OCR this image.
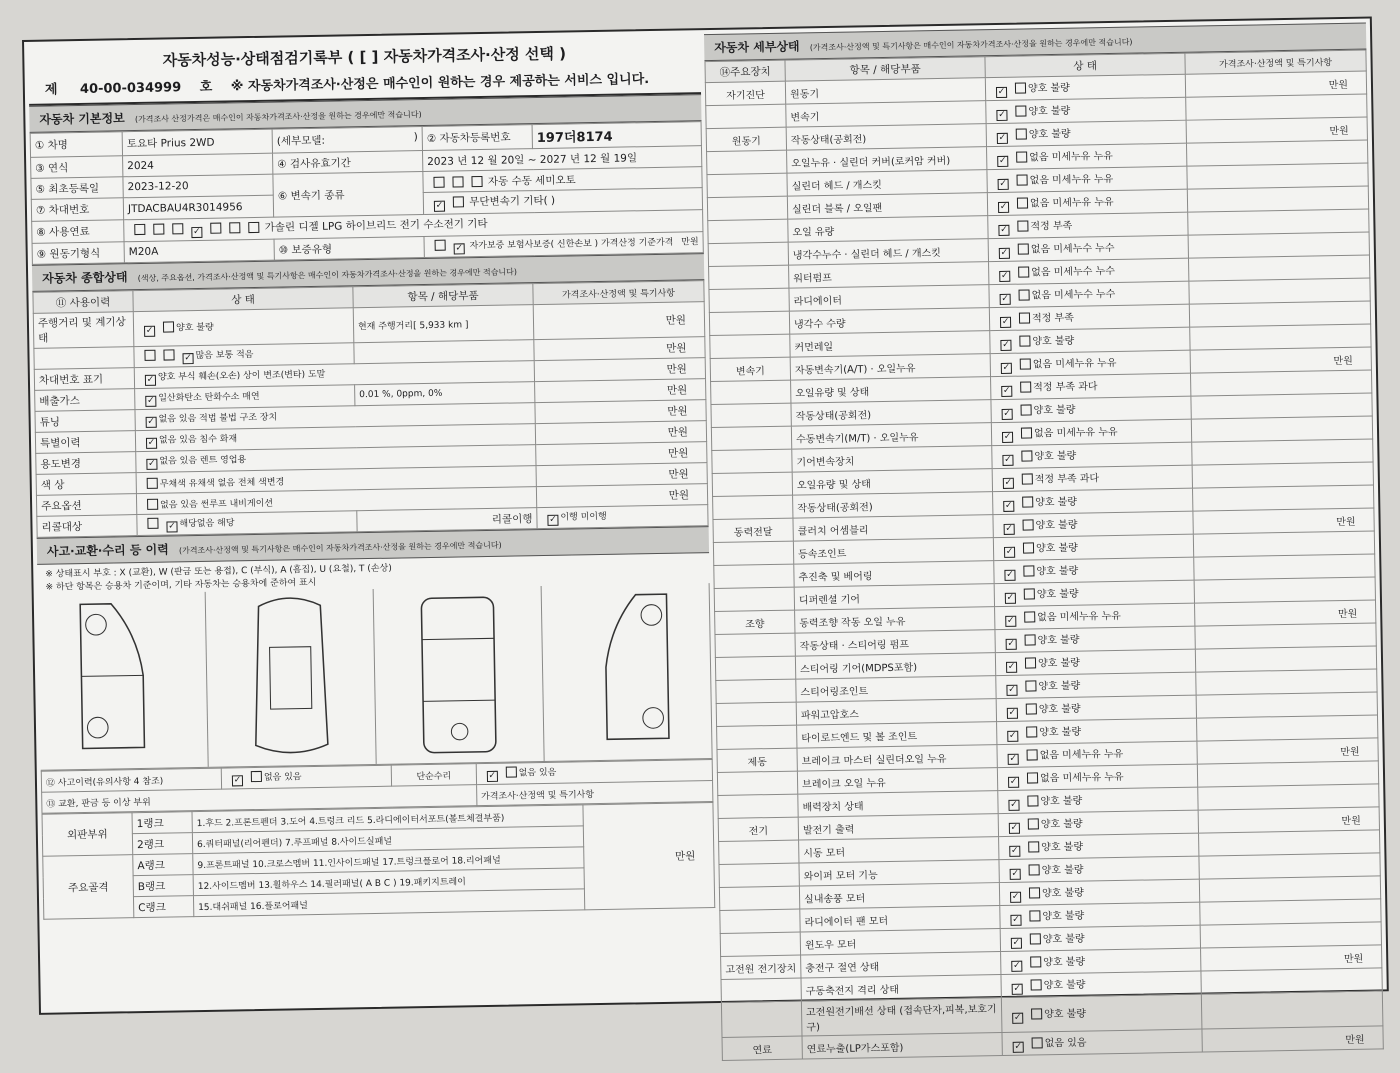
자동차성능·상태점검기록부 ( [ ] 자동차가격조사·산정 선택 )
제 40-00-034999 호 ※ 자동차가격조사·산정은 매수인이 원하는 경우 제공하는 서비스 입니다.
자동차 기본정보 (가격조사 산정가격은 매수인이 자동차가격조사·산정을 원하는 경우에만 적습니다)
① 차명	토요타 Prius 2WD	(세부모델: )	② 자동차등록번호	197더8174
③ 연식	2024	④ 검사유효기간	2023 년 12 월 20일 ~ 2027 년 12 월 19일	
⑤ 최초등록일	2023-12-20	⑥ 변속기 종류	자동 수동 세미오토	
⑦ 차대번호	JTDACBAU4R3014956	✓무단변속기 기타( )
⑧ 사용연료	✓가솔린 디젤 LPG 하이브리드 전기 수소전기 기타
⑨ 원동기형식	M20A	⑩ 보증유형	✓자가보증 보험사보증( 신한손보 ) 가격산정 기준가격 만원
자동차 종합상태 (색상, 주요옵션, 가격조사·산정액 및 특기사항은 매수인이 자동차가격조사·산정을 원하는 경우에만 적습니다)
⑪ 사용이력	상 태	항목 / 해당부품	가격조사·산정액 및 특기사항
주행거리 및 계기상태	✓양호 불량	현재 주행거리[ 5,933 km ]	만원
	✓많음 보통 적음		만원
차대번호 표기	✓양호 부식 훼손(오손) 상이 변조(변타) 도말		만원
배출가스	✓일산화탄소 탄화수소 매연	0.01 %, 0ppm, 0%	만원
튜닝	✓없음 있음 적법 불법 구조 장치		만원
특별이력	✓없음 있음 침수 화재		만원
용도변경	✓없음 있음 렌트 영업용		만원
색 상	무채색 유채색 없음 전체 색변경		만원
주요옵션	없음 있음 썬루프 내비게이션		만원
리콜대상	✓해당없음 해당	리콜이행	✓이행 미이행
사고·교환·수리 등 이력 (가격조사·산정액 및 특기사항은 매수인이 자동차가격조사·산정을 원하는 경우에만 적습니다)
※ 상태표시 부호 : X (교환), W (판금 또는 용접), C (부식), A (흠집), U (요철), T (손상)
※ 하단 항목은 승용차 기준이며, 기타 자동차는 승용차에 준하여 표시
⑫ 사고이력(유의사항 4 참조)	✓없음 있음	단순수리	✓없음 있음
⑬ 교환, 판금 등 이상 부위			가격조사·산정액 및 특기사항
외판부위	1랭크	1.후드 2.프론트펜더 3.도어 4.트렁크 리드 5.라디에이터서포트(볼트체결부품)	만원
	2랭크	6.쿼터패널(리어펜더) 7.루프패널 8.사이드실패널	
주요골격	A랭크	9.프론트패널 10.크로스멤버 11.인사이드패널 17.트렁크플로어 18.리어패널	
	B랭크	12.사이드멤버 13.휠하우스 14.필러패널( A B C ) 19.패키지트레이	
	C랭크	15.대쉬패널 16.플로어패널	
자동차 세부상태 (가격조사·산정액 및 특기사항은 매수인이 자동차가격조사·산정을 원하는 경우에만 적습니다)
⑭주요장치	항목 / 해당부품	상 태	가격조사·산정액 및 특기사항
자기진단	원동기	✓양호 불량	만원
	변속기	✓양호 불량	
원동기	작동상태(공회전)	✓양호 불량	만원
	오일누유 · 실린더 커버(로커암 커버)	✓없음 미세누유 누유	
	실린더 헤드 / 개스킷	✓없음 미세누유 누유	
	실린더 블록 / 오일팬	✓없음 미세누유 누유	
	오일 유량	✓적정 부족	
	냉각수누수 · 실린더 헤드 / 개스킷	✓없음 미세누수 누수	
	워터펌프	✓없음 미세누수 누수	
	라디에이터	✓없음 미세누수 누수	
	냉각수 수량	✓적정 부족	
	커먼레일	✓양호 불량	
변속기	자동변속기(A/T) · 오일누유	✓없음 미세누유 누유	만원
	오일유량 및 상태	✓적정 부족 과다	
	작동상태(공회전)	✓양호 불량	
	수동변속기(M/T) · 오일누유	✓없음 미세누유 누유	
	기어변속장치	✓양호 불량	
	오일유량 및 상태	✓적정 부족 과다	
	작동상태(공회전)	✓양호 불량	
동력전달	클러치 어셈블리	✓양호 불량	만원
	등속조인트	✓양호 불량	
	추진축 및 베어링	✓양호 불량	
	디퍼렌셜 기어	✓양호 불량	
조향	동력조향 작동 오일 누유	✓없음 미세누유 누유	만원
	작동상태 · 스티어링 펌프	✓양호 불량	
	스티어링 기어(MDPS포함)	✓양호 불량	
	스티어링조인트	✓양호 불량	
	파워고압호스	✓양호 불량	
	타이로드엔드 및 볼 조인트	✓양호 불량	
제동	브레이크 마스터 실린더오일 누유	✓없음 미세누유 누유	만원
	브레이크 오일 누유	✓없음 미세누유 누유	
	배력장치 상태	✓양호 불량	
전기	발전기 출력	✓양호 불량	만원
	시동 모터	✓양호 불량	
	와이퍼 모터 기능	✓양호 불량	
	실내송풍 모터	✓양호 불량	
	라디에이터 팬 모터	✓양호 불량	
	윈도우 모터	✓양호 불량	
고전원 전기장치	충전구 절연 상태	✓양호 불량	만원
	구동축전지 격리 상태	✓양호 불량	
	고전원전기배선 상태 (접속단자,피복,보호기구)	✓양호 불량	
연료	연료누출(LP가스포함)	✓없음 있음	만원
